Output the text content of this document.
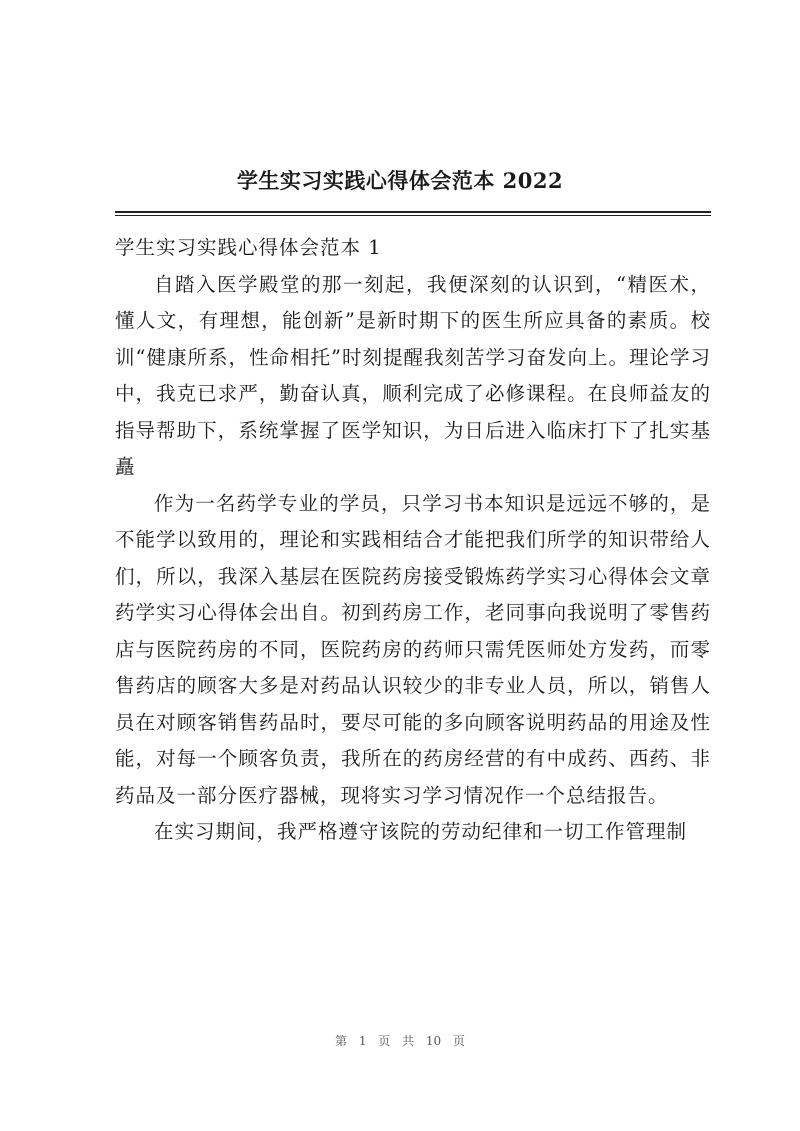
学生实习实践心得体会范本 2022

学生实习实践心得体会范本 1

自踏入医学殿堂的那一刻起，我便深刻的认识到，“精医术，懂人文，有理想，能创新”是新时期下的医生所应具备的素质。校训“健康所系，性命相托”时刻提醒我刻苦学习奋发向上。理论学习中，我克已求严，勤奋认真，顺利完成了必修课程。在良师益友的指导帮助下，系统掌握了医学知识，为日后进入临床打下了扎实基矗

作为一名药学专业的学员，只学习书本知识是远远不够的，是不能学以致用的，理论和实践相结合才能把我们所学的知识带给人们，所以，我深入基层在医院药房接受锻炼药学实习心得体会文章药学实习心得体会出自。初到药房工作，老同事向我说明了零售药店与医院药房的不同，医院药房的药师只需凭医师处方发药，而零售药店的顾客大多是对药品认识较少的非专业人员，所以，销售人员在对顾客销售药品时，要尽可能的多向顾客说明药品的用途及性能，对每一个顾客负责，我所在的药房经营的有中成药、西药、非药品及一部分医疗器械，现将实习学习情况作一个总结报告。

在实习期间，我严格遵守该院的劳动纪律和一切工作管理制

第 1 页 共 10 页
